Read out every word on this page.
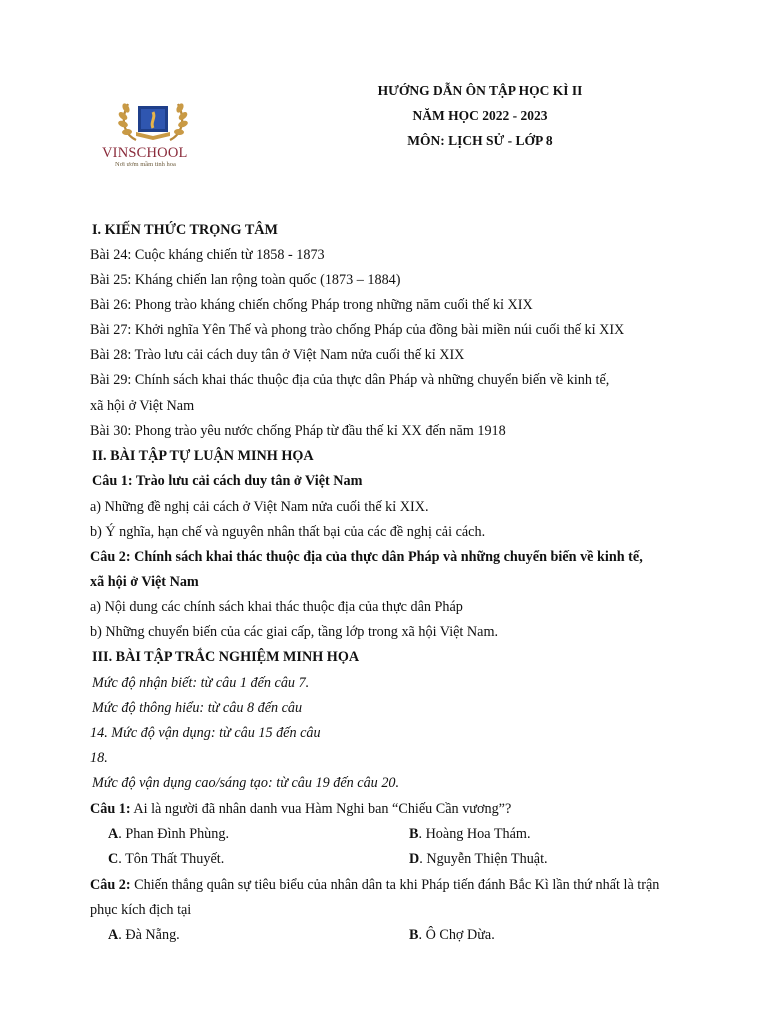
VINSCHOOL
Nơi ươm mầm tinh hoa
HƯỚNG DẪN ÔN TẬP HỌC KÌ II
NĂM HỌC 2022 - 2023
MÔN: LỊCH SỬ - LỚP 8
I. KIẾN THỨC TRỌNG TÂM
Bài 24: Cuộc kháng chiến từ 1858 - 1873
Bài 25: Kháng chiến lan rộng toàn quốc (1873 – 1884)
Bài 26: Phong trào kháng chiến chống Pháp trong những năm cuối thế kỉ XIX
Bài 27: Khởi nghĩa Yên Thế và phong trào chống Pháp của đồng bài miền núi cuối thế kỉ XIX
Bài 28: Trào lưu cải cách duy tân ở Việt Nam nửa cuối thế kỉ XIX
Bài 29: Chính sách khai thác thuộc địa của thực dân Pháp và những chuyển biến về kinh tế,
xã hội ở Việt Nam
Bài 30: Phong trào yêu nước chống Pháp từ đầu thế kỉ XX đến năm 1918
II. BÀI TẬP TỰ LUẬN MINH HỌA
Câu 1: Trào lưu cải cách duy tân ở Việt Nam
a) Những đề nghị cải cách ở Việt Nam nửa cuối thế kỉ XIX.
b) Ý nghĩa, hạn chế và nguyên nhân thất bại của các đề nghị cải cách.
Câu 2: Chính sách khai thác thuộc địa của thực dân Pháp và những chuyển biến về kinh tế,
xã hội ở Việt Nam
a) Nội dung các chính sách khai thác thuộc địa của thực dân Pháp
b) Những chuyển biến của các giai cấp, tầng lớp trong xã hội Việt Nam.
III. BÀI TẬP TRẮC NGHIỆM MINH HỌA
Mức độ nhận biết: từ câu 1 đến câu 7.
Mức độ thông hiểu: từ câu 8 đến câu
14. Mức độ vận dụng: từ câu 15 đến câu
18.
Mức độ vận dụng cao/sáng tạo: từ câu 19 đến câu 20.
Câu 1: Ai là người đã nhân danh vua Hàm Nghi ban “Chiếu Cần vương”?
A. Phan Đình Phùng.	B. Hoàng Hoa Thám.
C. Tôn Thất Thuyết.	D. Nguyễn Thiện Thuật.
Câu 2: Chiến thắng quân sự tiêu biểu của nhân dân ta khi Pháp tiến đánh Bắc Kì lần thứ nhất là trận
phục kích địch tại
A. Đà Nẵng.	B. Ô Chợ Dừa.
